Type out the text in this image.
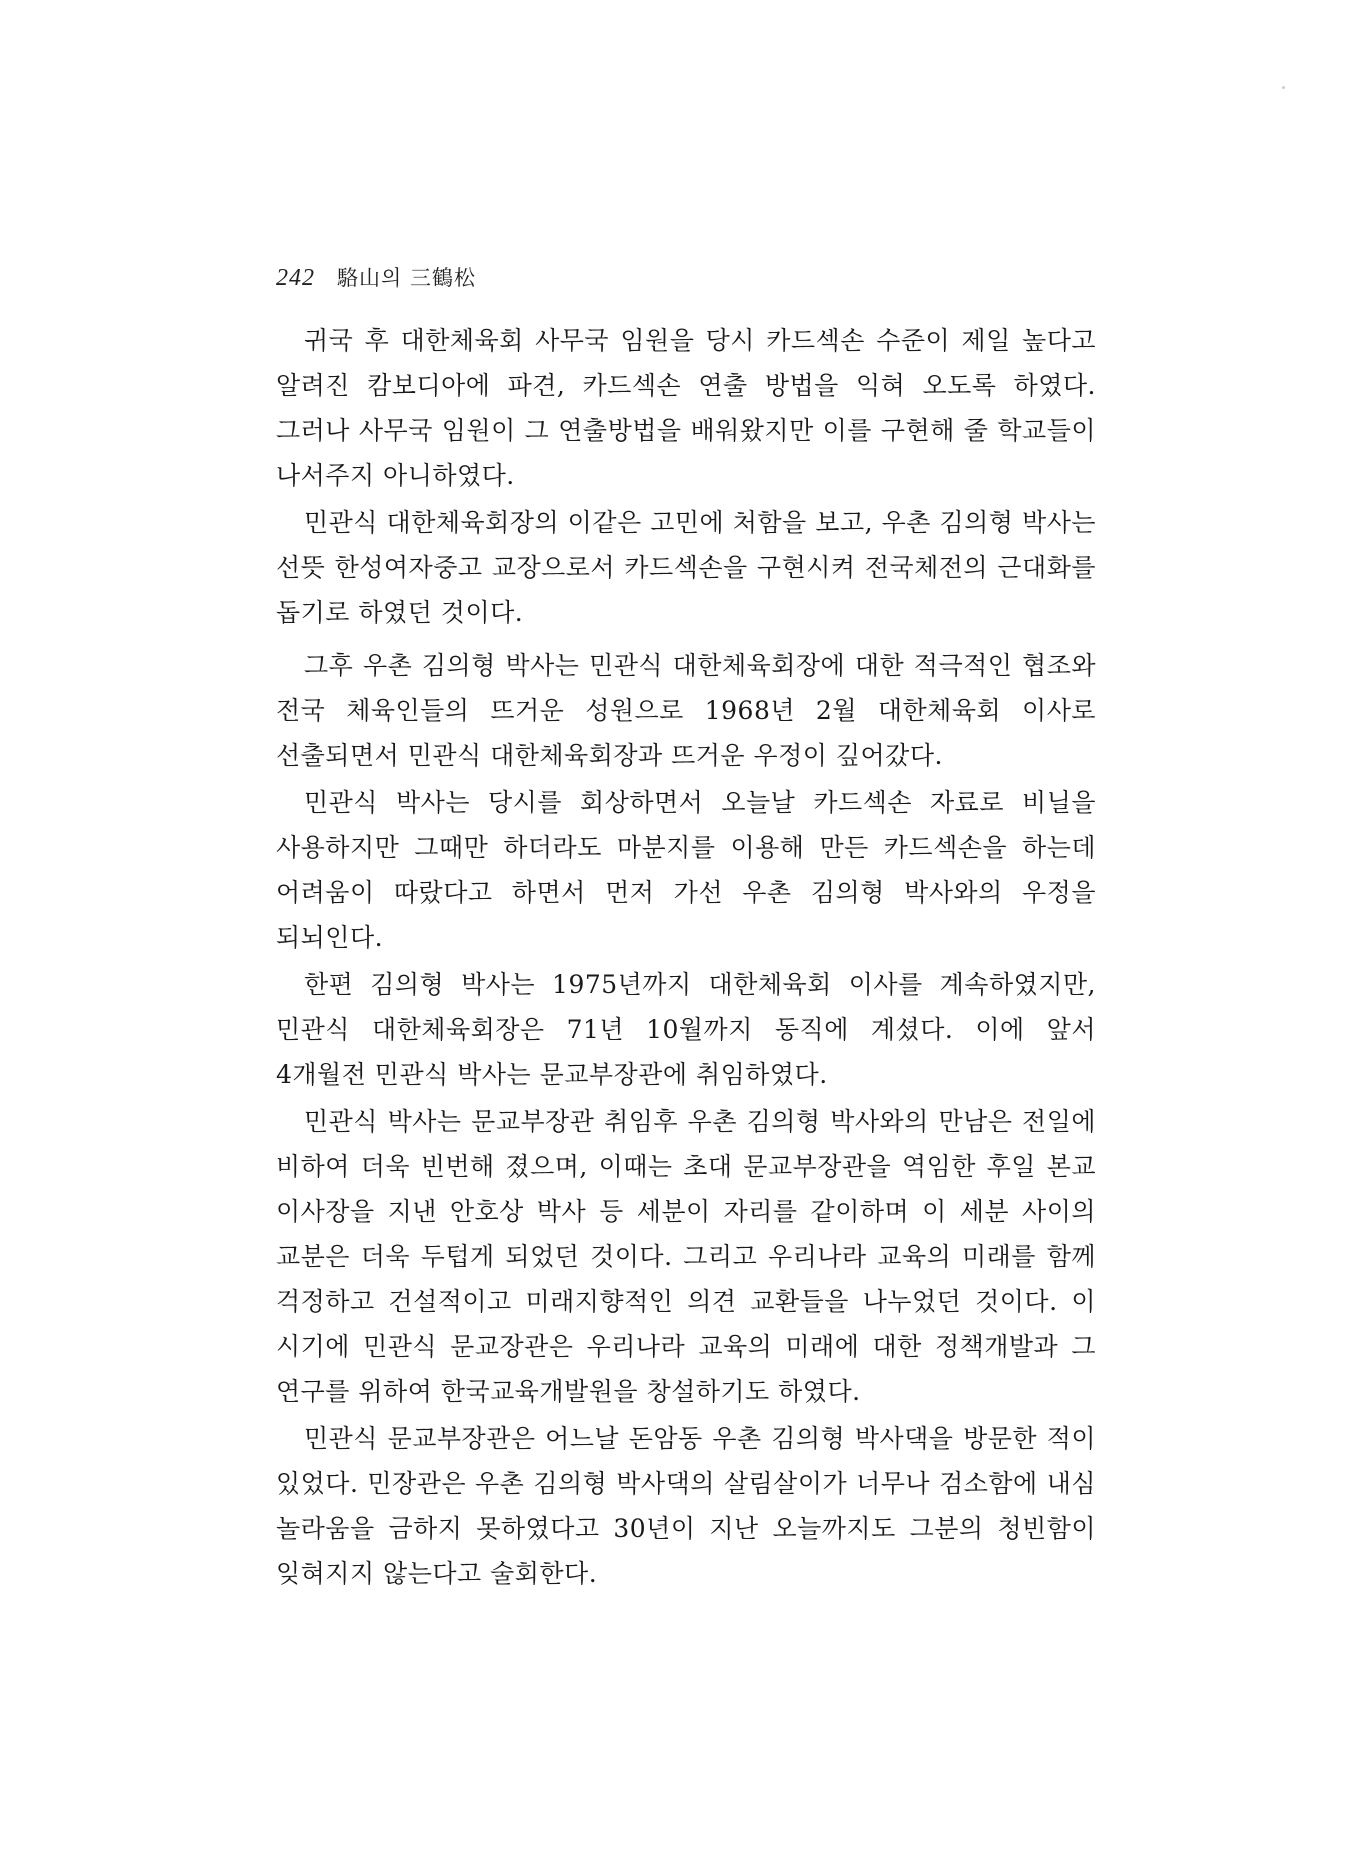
242 駱山의 三鶴松

귀국 후 대한체육회 사무국 임원을 당시 카드섹손 수준이 제일 높다고 알려진 캄보디아에 파견, 카드섹손 연출 방법을 익혀 오도록 하였다. 그러나 사무국 임원이 그 연출방법을 배워왔지만 이를 구현해 줄 학교들이 나서주지 아니하였다.

민관식 대한체육회장의 이같은 고민에 처함을 보고, 우촌 김의형 박사는 선뜻 한성여자중고 교장으로서 카드섹손을 구현시켜 전국체전의 근대화를 돕기로 하였던 것이다.

그후 우촌 김의형 박사는 민관식 대한체육회장에 대한 적극적인 협조와 전국 체육인들의 뜨거운 성원으로 1968년 2월 대한체육회 이사로 선출되면서 민관식 대한체육회장과 뜨거운 우정이 깊어갔다.

민관식 박사는 당시를 회상하면서 오늘날 카드섹손 자료로 비닐을 사용하지만 그때만 하더라도 마분지를 이용해 만든 카드섹손을 하는데 어려움이 따랐다고 하면서 먼저 가선 우촌 김의형 박사와의 우정을 되뇌인다.

한편 김의형 박사는 1975년까지 대한체육회 이사를 계속하였지만, 민관식 대한체육회장은 71년 10월까지 동직에 계셨다. 이에 앞서 4개월전 민관식 박사는 문교부장관에 취임하였다.

민관식 박사는 문교부장관 취임후 우촌 김의형 박사와의 만남은 전일에 비하여 더욱 빈번해 졌으며, 이때는 초대 문교부장관을 역임한 후일 본교 이사장을 지낸 안호상 박사 등 세분이 자리를 같이하며 이 세분 사이의 교분은 더욱 두텁게 되었던 것이다. 그리고 우리나라 교육의 미래를 함께 걱정하고 건설적이고 미래지향적인 의견 교환들을 나누었던 것이다. 이 시기에 민관식 문교장관은 우리나라 교육의 미래에 대한 정책개발과 그 연구를 위하여 한국교육개발원을 창설하기도 하였다.

민관식 문교부장관은 어느날 돈암동 우촌 김의형 박사댁을 방문한 적이 있었다. 민장관은 우촌 김의형 박사댁의 살림살이가 너무나 검소함에 내심 놀라움을 금하지 못하였다고 30년이 지난 오늘까지도 그분의 청빈함이 잊혀지지 않는다고 술회한다.
